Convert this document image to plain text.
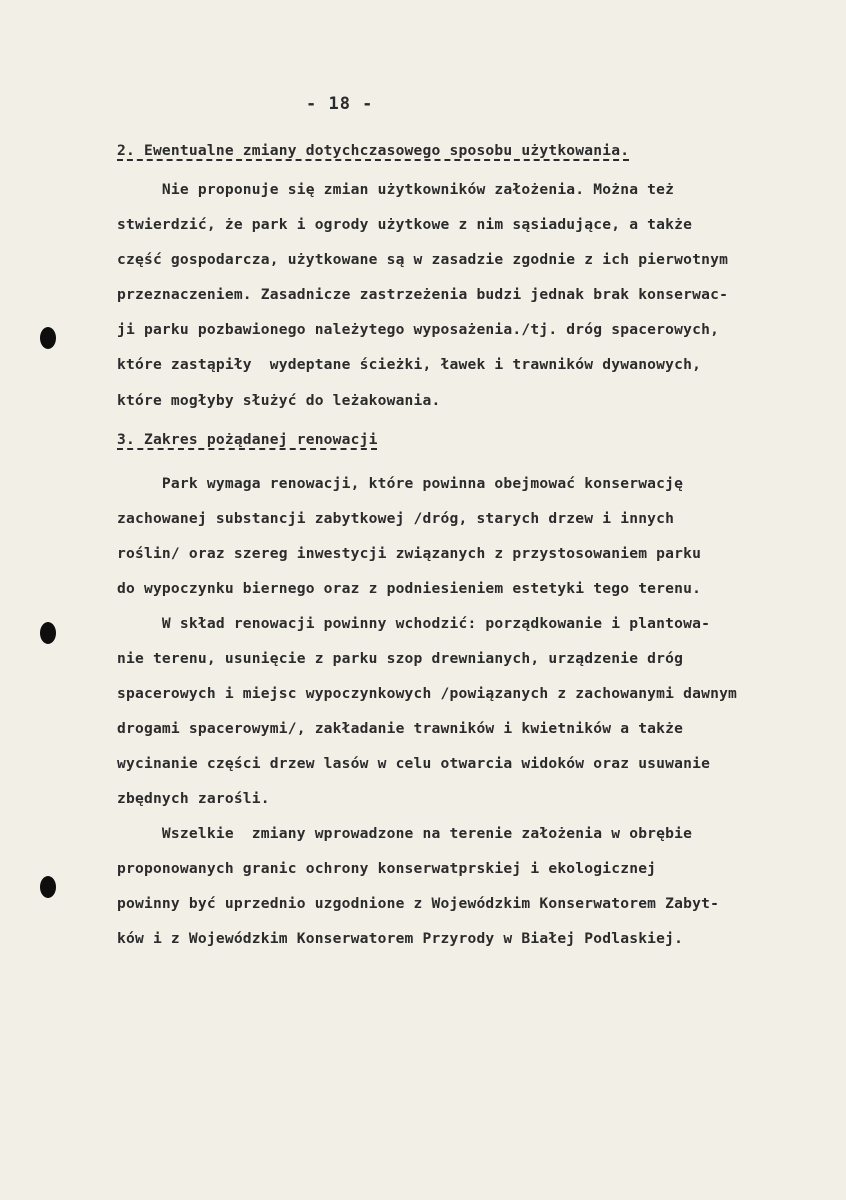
- 18 -
2. Ewentualne zmiany dotychczasowego sposobu użytkowania.
Nie proponuje się zmian użytkowników założenia. Można też
stwierdzić, że park i ogrody użytkowe z nim sąsiadujące, a także
część gospodarcza, użytkowane są w zasadzie zgodnie z ich pierwotnym
przeznaczeniem. Zasadnicze zastrzeżenia budzi jednak brak konserwac-
ji parku pozbawionego należytego wyposażenia./tj. dróg spacerowych,
które zastąpiły  wydeptane ścieżki, ławek i trawników dywanowych,
które mogłyby służyć do leżakowania.
3. Zakres pożądanej renowacji
Park wymaga renowacji, które powinna obejmować konserwację
zachowanej substancji zabytkowej /dróg, starych drzew i innych
roślin/ oraz szereg inwestycji związanych z przystosowaniem parku
do wypoczynku biernego oraz z podniesieniem estetyki tego terenu.
W skład renowacji powinny wchodzić: porządkowanie i plantowa-
nie terenu, usunięcie z parku szop drewnianych, urządzenie dróg
spacerowych i miejsc wypoczynkowych /powiązanych z zachowanymi dawnym
drogami spacerowymi/, zakładanie trawników i kwietników a także
wycinanie części drzew lasów w celu otwarcia widoków oraz usuwanie
zbędnych zarośli.
Wszelkie  zmiany wprowadzone na terenie założenia w obrębie
proponowanych granic ochrony konserwatprskiej i ekologicznej
powinny być uprzednio uzgodnione z Wojewódzkim Konserwatorem Zabyt-
ków i z Wojewódzkim Konserwatorem Przyrody w Białej Podlaskiej.
